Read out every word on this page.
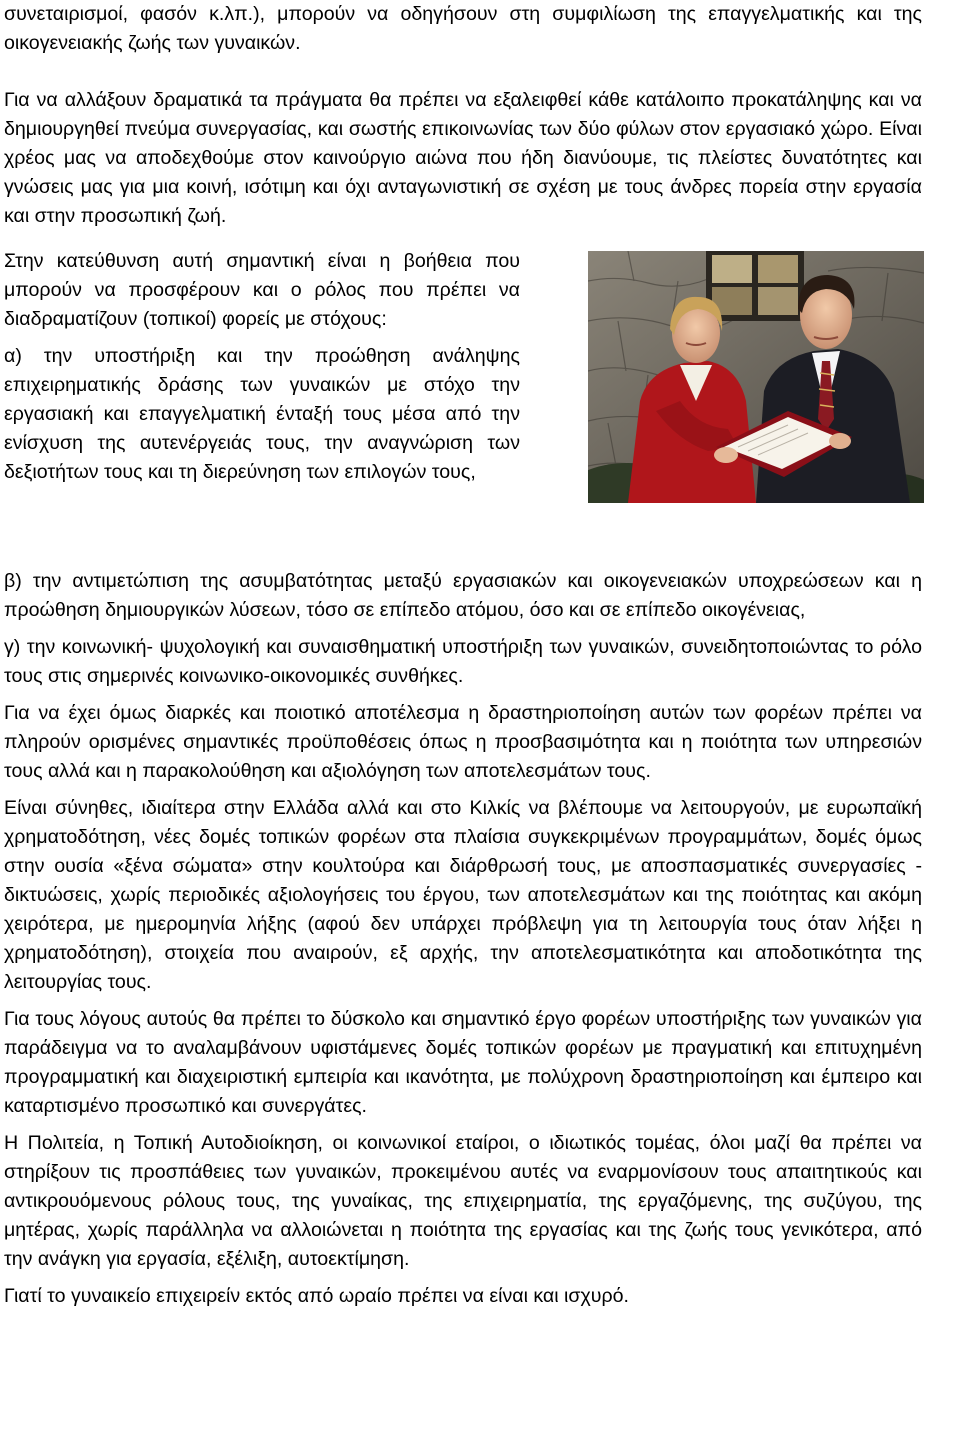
συνεταιρισμοί, φασόν κ.λπ.), μπορούν να οδηγήσουν στη συμφιλίωση της επαγγελματικής και της οικογενειακής ζωής των γυναικών.

Για να αλλάξουν δραματικά τα πράγματα θα πρέπει να εξαλειφθεί κάθε κατάλοιπο προκατάληψης και να δημιουργηθεί πνεύμα συνεργασίας, και σωστής επικοινωνίας των δύο φύλων στον εργασιακό χώρο. Είναι χρέος μας να αποδεχθούμε στον καινούργιο αιώνα που ήδη διανύουμε, τις πλείστες δυνατότητες και γνώσεις μας για μια κοινή, ισότιμη και όχι ανταγωνιστική σε σχέση με τους άνδρες πορεία στην εργασία και στην προσωπική ζωή.

Στην κατεύθυνση αυτή σημαντική είναι η βοήθεια που μπορούν να προσφέρουν και ο ρόλος που πρέπει να διαδραματίζουν (τοπικοί) φορείς με στόχους:

α) την υποστήριξη και την προώθηση ανάληψης επιχειρηματικής δράσης των γυναικών με στόχο την εργασιακή και επαγγελματική ένταξή τους μέσα από την ενίσχυση της αυτενέργειάς τους, την αναγνώριση των δεξιοτήτων τους και τη διερεύνηση των επιλογών τους,

β) την αντιμετώπιση της ασυμβατότητας μεταξύ εργασιακών και οικογενειακών υποχρεώσεων και η προώθηση δημιουργικών λύσεων, τόσο σε επίπεδο ατόμου, όσο και σε επίπεδο οικογένειας,

γ) την κοινωνική- ψυχολογική και συναισθηματική υποστήριξη των γυναικών, συνειδητοποιώντας το ρόλο τους στις σημερινές κοινωνικο-οικονομικές συνθήκες.

Για να έχει όμως διαρκές και ποιοτικό αποτέλεσμα η δραστηριοποίηση αυτών των φορέων πρέπει να πληρούν ορισμένες σημαντικές προϋποθέσεις όπως η προσβασιμότητα και η ποιότητα των υπηρεσιών τους αλλά και η παρακολούθηση και αξιολόγηση των αποτελεσμάτων τους.

Είναι σύνηθες, ιδιαίτερα στην Ελλάδα αλλά και στο Κιλκίς να βλέπουμε να λειτουργούν, με ευρωπαϊκή χρηματοδότηση, νέες δομές τοπικών φορέων στα πλαίσια συγκεκριμένων προγραμμάτων, δομές όμως στην ουσία «ξένα σώματα» στην κουλτούρα και διάρθρωσή τους, με αποσπασματικές συνεργασίες - δικτυώσεις, χωρίς περιοδικές αξιολογήσεις του έργου, των αποτελεσμάτων και της ποιότητας και ακόμη χειρότερα, με ημερομηνία λήξης (αφού δεν υπάρχει πρόβλεψη για τη λειτουργία τους όταν λήξει η χρηματοδότηση), στοιχεία που αναιρούν, εξ αρχής, την αποτελεσματικότητα και αποδοτικότητα της λειτουργίας τους.

Για τους λόγους αυτούς θα πρέπει το δύσκολο και σημαντικό έργο φορέων υποστήριξης των γυναικών για παράδειγμα να το αναλαμβάνουν υφιστάμενες δομές τοπικών φορέων με πραγματική και επιτυχημένη προγραμματική και διαχειριστική εμπειρία και ικανότητα, με πολύχρονη δραστηριοποίηση και έμπειρο και καταρτισμένο προσωπικό και συνεργάτες.

Η Πολιτεία, η Τοπική Αυτοδιοίκηση, οι κοινωνικοί εταίροι, ο ιδιωτικός τομέας, όλοι μαζί θα πρέπει να στηρίξουν τις προσπάθειες των γυναικών, προκειμένου αυτές να εναρμονίσουν τους απαιτητικούς και αντικρουόμενους ρόλους τους, της γυναίκας, της επιχειρηματία, της εργαζόμενης, της συζύγου, της μητέρας, χωρίς παράλληλα να αλλοιώνεται η ποιότητα της εργασίας και της ζωής τους γενικότερα, από την ανάγκη για εργασία, εξέλιξη, αυτοεκτίμηση.

Γιατί το γυναικείο επιχειρείν εκτός από ωραίο πρέπει να είναι και ισχυρό.
